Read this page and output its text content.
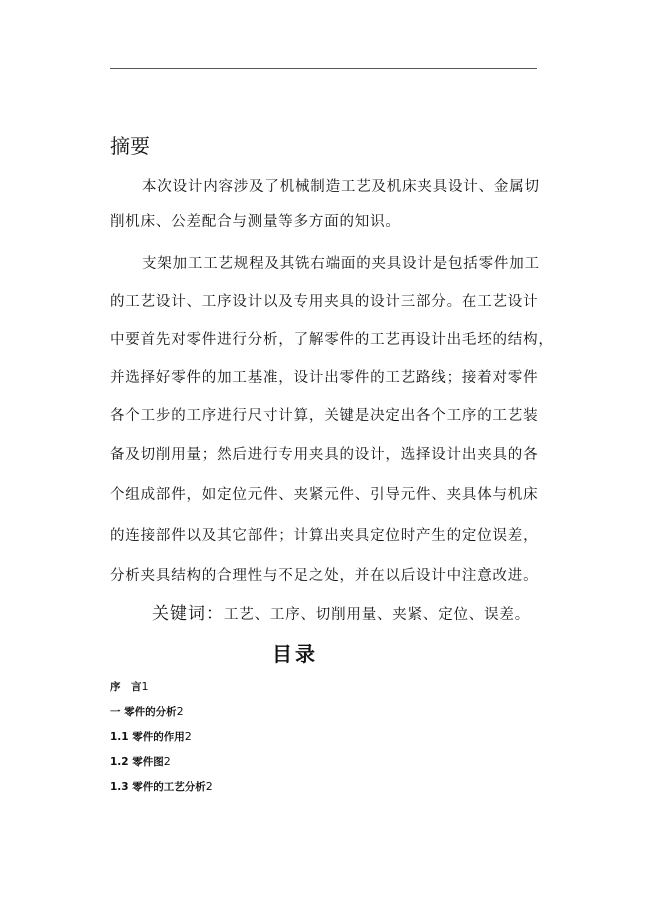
摘要
本次设计内容涉及了机械制造工艺及机床夹具设计、金属切
削机床、公差配合与测量等多方面的知识。
支架加工工艺规程及其铣右端面的夹具设计是包括零件加工
的工艺设计、工序设计以及专用夹具的设计三部分。在工艺设计
中要首先对零件进行分析，了解零件的工艺再设计出毛坯的结构，
并选择好零件的加工基准，设计出零件的工艺路线；接着对零件
各个工步的工序进行尺寸计算，关键是决定出各个工序的工艺装
备及切削用量；然后进行专用夹具的设计，选择设计出夹具的各
个组成部件，如定位元件、夹紧元件、引导元件、夹具体与机床
的连接部件以及其它部件；计算出夹具定位时产生的定位误差，
分析夹具结构的合理性与不足之处，并在以后设计中注意改进。
关键词：工艺、工序、切削用量、夹紧、定位、误差。
目录
序　言1
一 零件的分析2
1.1 零件的作用2
1.2 零件图2
1.3 零件的工艺分析2
